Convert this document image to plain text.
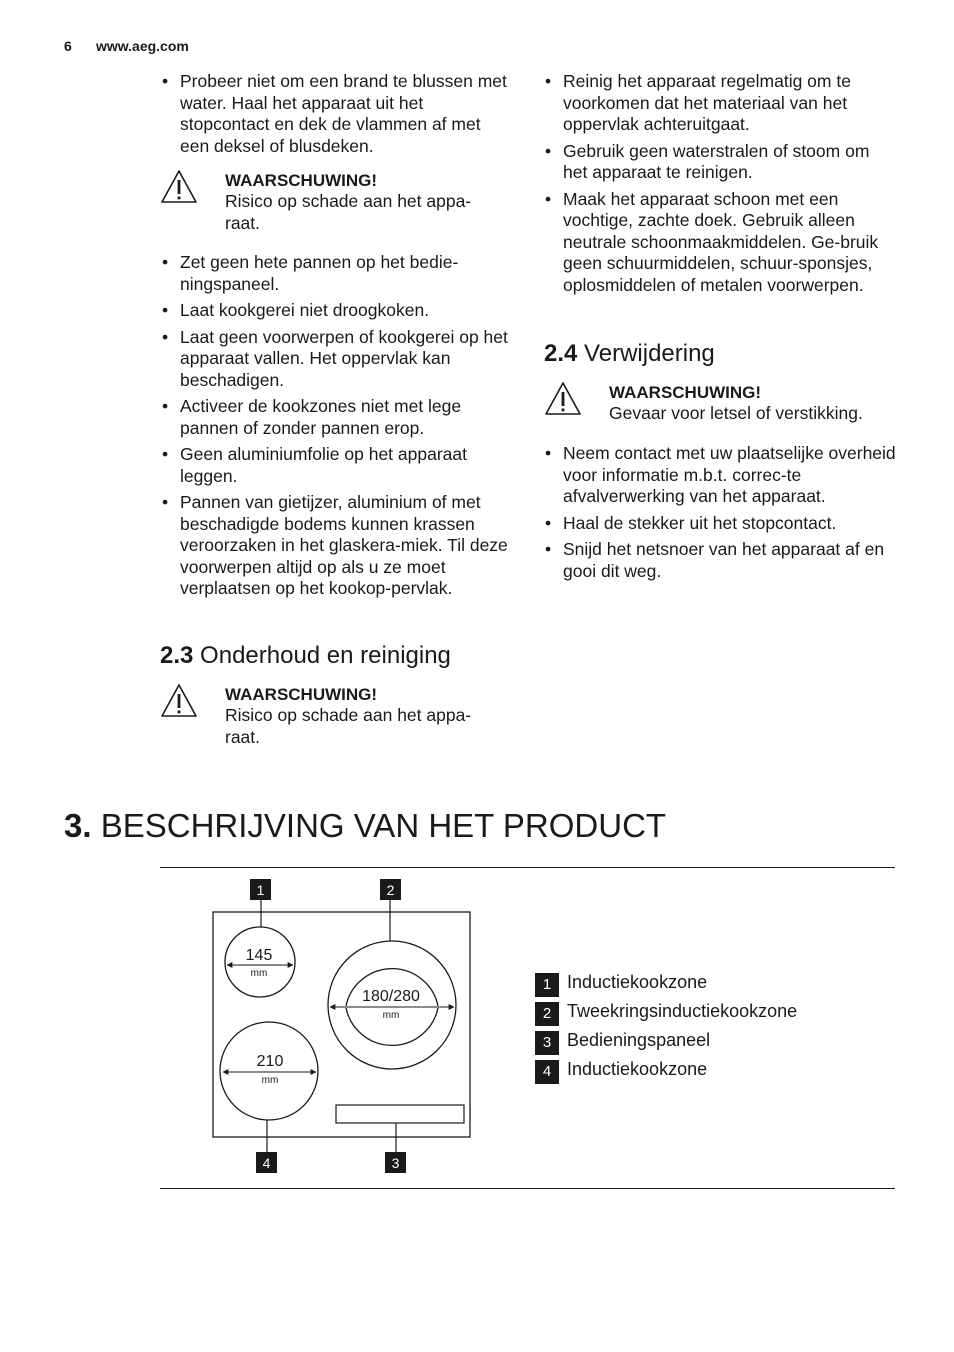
6 www.aeg.com
• Probeer niet om een brand te blussen met water. Haal het apparaat uit het stopcontact en dek de vlammen af met een deksel of blusdeken.
WAARSCHUWING!
Risico op schade aan het appa-raat.
• Zet geen hete pannen op het bedie-ningspaneel.
• Laat kookgerei niet droogkoken.
• Laat geen voorwerpen of kookgerei op het apparaat vallen. Het oppervlak kan beschadigen.
• Activeer de kookzones niet met lege pannen of zonder pannen erop.
• Geen aluminiumfolie op het apparaat leggen.
• Pannen van gietijzer, aluminium of met beschadigde bodems kunnen krassen veroorzaken in het glaskera-miek. Til deze voorwerpen altijd op als u ze moet verplaatsen op het kookop-pervlak.
2.3 Onderhoud en reiniging
WAARSCHUWING!
Risico op schade aan het appa-raat.
• Reinig het apparaat regelmatig om te voorkomen dat het materiaal van het oppervlak achteruitgaat.
• Gebruik geen waterstralen of stoom om het apparaat te reinigen.
• Maak het apparaat schoon met een vochtige, zachte doek. Gebruik alleen neutrale schoonmaakmiddelen. Ge-bruik geen schuurmiddelen, schuur-sponsjes, oplosmiddelen of metalen voorwerpen.
2.4 Verwijdering
WAARSCHUWING!
Gevaar voor letsel of verstikking.
• Neem contact met uw plaatselijke overheid voor informatie m.b.t. correc-te afvalverwerking van het apparaat.
• Haal de stekker uit het stopcontact.
• Snijd het netsnoer van het apparaat af en gooi dit weg.
3. BESCHRIJVING VAN HET PRODUCT
145
mm
180/280
mm
210
mm
1	2
4	3
1 Inductiekookzone
2 Tweekringsinductiekookzone
3 Bedieningspaneel
4 Inductiekookzone
